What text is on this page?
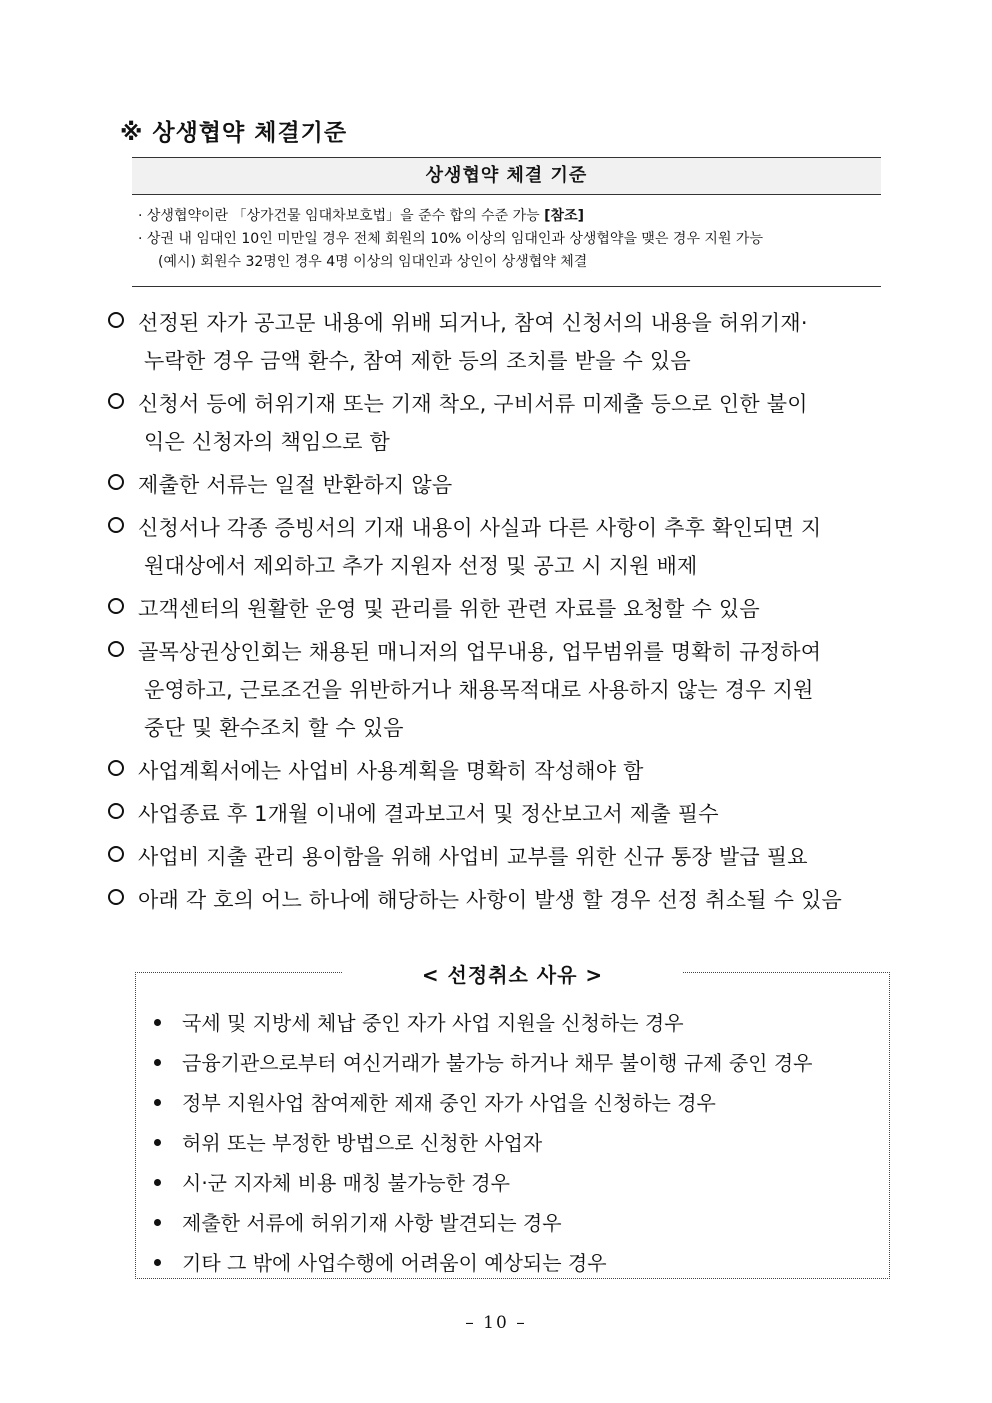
※ 상생협약 체결기준
상생협약 체결 기준
· 상생협약이란 「상가건물 임대차보호법」을 준수 합의 수준 가능 [참조]
· 상권 내 임대인 10인 미만일 경우 전체 회원의 10% 이상의 임대인과 상생협약을 맺은 경우 지원 가능
(예시) 회원수 32명인 경우 4명 이상의 임대인과 상인이 상생협약 체결
선정된 자가 공고문 내용에 위배 되거나, 참여 신청서의 내용을 허위기재·
누락한 경우 금액 환수, 참여 제한 등의 조치를 받을 수 있음
신청서 등에 허위기재 또는 기재 착오, 구비서류 미제출 등으로 인한 불이
익은 신청자의 책임으로 함
제출한 서류는 일절 반환하지 않음
신청서나 각종 증빙서의 기재 내용이 사실과 다른 사항이 추후 확인되면 지
원대상에서 제외하고 추가 지원자 선정 및 공고 시 지원 배제
고객센터의 원활한 운영 및 관리를 위한 관련 자료를 요청할 수 있음
골목상권상인회는 채용된 매니저의 업무내용, 업무범위를 명확히 규정하여
운영하고, 근로조건을 위반하거나 채용목적대로 사용하지 않는 경우 지원
중단 및 환수조치 할 수 있음
사업계획서에는 사업비 사용계획을 명확히 작성해야 함
사업종료 후 1개월 이내에 결과보고서 및 정산보고서 제출 필수
사업비 지출 관리 용이함을 위해 사업비 교부를 위한 신규 통장 발급 필요
아래 각 호의 어느 하나에 해당하는 사항이 발생 할 경우 선정 취소될 수 있음
< 선정취소 사유 >
국세 및 지방세 체납 중인 자가 사업 지원을 신청하는 경우
금융기관으로부터 여신거래가 불가능 하거나 채무 불이행 규제 중인 경우
정부 지원사업 참여제한 제재 중인 자가 사업을 신청하는 경우
허위 또는 부정한 방법으로 신청한 사업자
시·군 지자체 비용 매칭 불가능한 경우
제출한 서류에 허위기재 사항 발견되는 경우
기타 그 밖에 사업수행에 어려움이 예상되는 경우
– 10 –
